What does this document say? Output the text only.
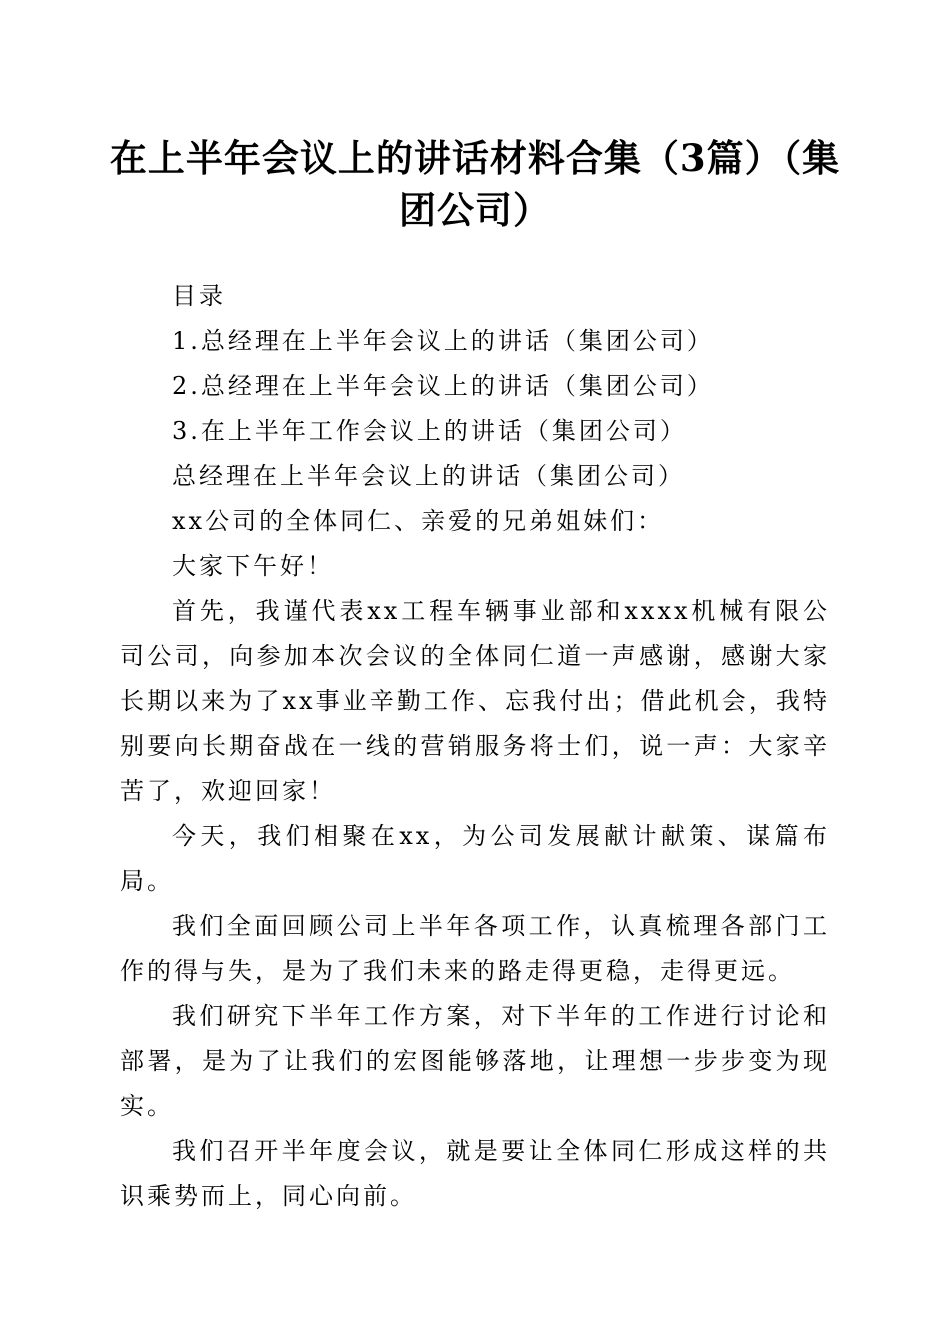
在上半年会议上的讲话材料合集（3篇）（集团公司）

目录

1.总经理在上半年会议上的讲话（集团公司）

2.总经理在上半年会议上的讲话（集团公司）

3.在上半年工作会议上的讲话（集团公司）

总经理在上半年会议上的讲话（集团公司）

xx公司的全体同仁、亲爱的兄弟姐妹们：

大家下午好！

首先，我谨代表xx工程车辆事业部和xxxx机械有限公司公司，向参加本次会议的全体同仁道一声感谢，感谢大家长期以来为了xx事业辛勤工作、忘我付出；借此机会，我特别要向长期奋战在一线的营销服务将士们，说一声：大家辛苦了，欢迎回家！

今天，我们相聚在xx，为公司发展献计献策、谋篇布局。

我们全面回顾公司上半年各项工作，认真梳理各部门工作的得与失，是为了我们未来的路走得更稳，走得更远。

我们研究下半年工作方案，对下半年的工作进行讨论和部署，是为了让我们的宏图能够落地，让理想一步步变为现实。

我们召开半年度会议，就是要让全体同仁形成这样的共识乘势而上，同心向前。
